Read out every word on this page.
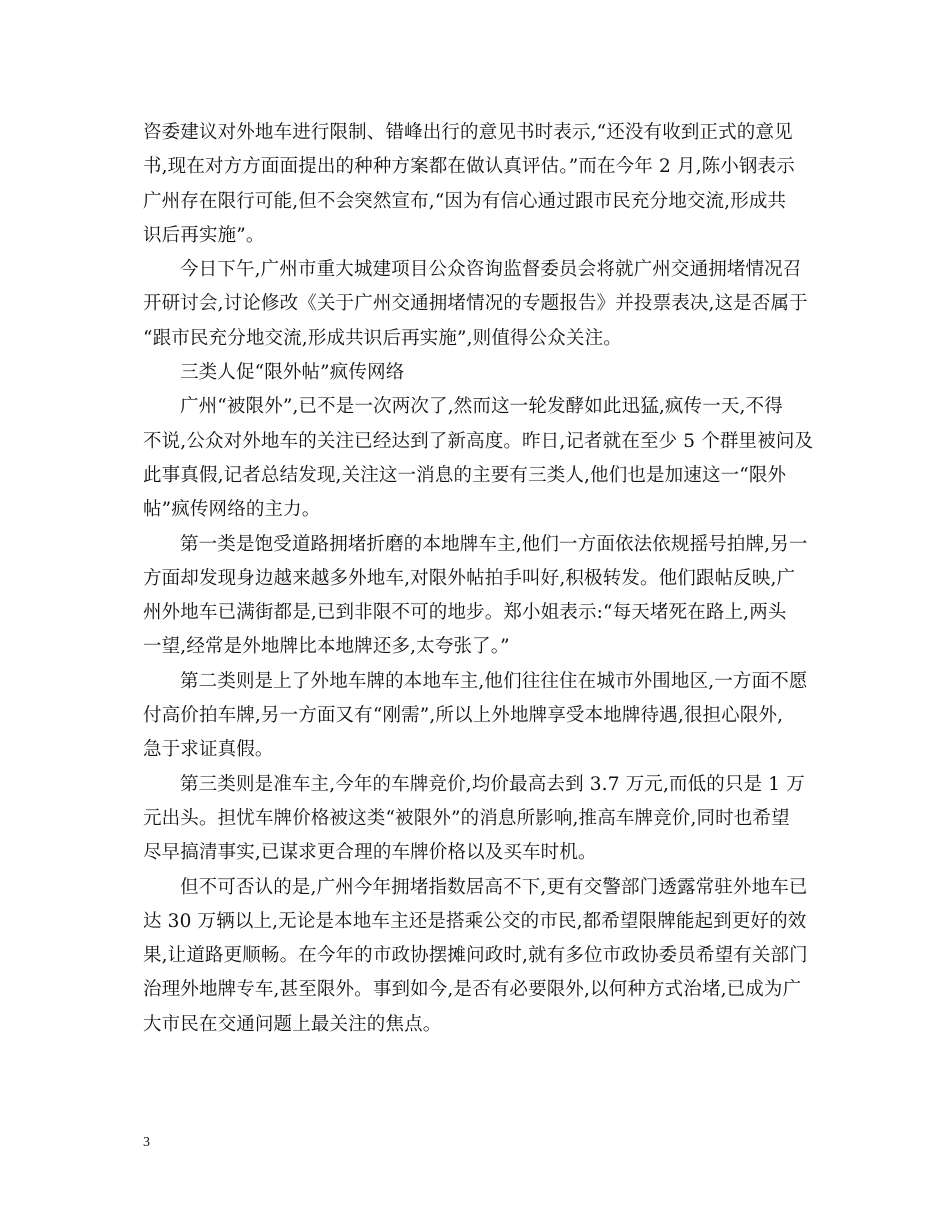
咨委建议对外地车进行限制、错峰出行的意见书时表示,“还没有收到正式的意见
书,现在对方方面面提出的种种方案都在做认真评估。”而在今年 2 月,陈小钢表示
广州存在限行可能,但不会突然宣布,“因为有信心通过跟市民充分地交流,形成共
识后再实施”。
今日下午,广州市重大城建项目公众咨询监督委员会将就广州交通拥堵情况召
开研讨会,讨论修改《关于广州交通拥堵情况的专题报告》并投票表决,这是否属于
“跟市民充分地交流,形成共识后再实施”,则值得公众关注。
三类人促“限外帖”疯传网络
广州“被限外”,已不是一次两次了,然而这一轮发酵如此迅猛,疯传一天,不得
不说,公众对外地车的关注已经达到了新高度。昨日,记者就在至少 5 个群里被问及
此事真假,记者总结发现,关注这一消息的主要有三类人,他们也是加速这一“限外
帖”疯传网络的主力。
第一类是饱受道路拥堵折磨的本地牌车主,他们一方面依法依规摇号拍牌,另一
方面却发现身边越来越多外地车,对限外帖拍手叫好,积极转发。他们跟帖反映,广
州外地车已满街都是,已到非限不可的地步。郑小姐表示:“每天堵死在路上,两头
一望,经常是外地牌比本地牌还多,太夸张了。”
第二类则是上了外地车牌的本地车主,他们往往住在城市外围地区,一方面不愿
付高价拍车牌,另一方面又有“刚需”,所以上外地牌享受本地牌待遇,很担心限外,
急于求证真假。
第三类则是准车主,今年的车牌竞价,均价最高去到 3.7 万元,而低的只是 1 万
元出头。担忧车牌价格被这类“被限外”的消息所影响,推高车牌竞价,同时也希望
尽早搞清事实,已谋求更合理的车牌价格以及买车时机。
但不可否认的是,广州今年拥堵指数居高不下,更有交警部门透露常驻外地车已
达 30 万辆以上,无论是本地车主还是搭乘公交的市民,都希望限牌能起到更好的效
果,让道路更顺畅。在今年的市政协摆摊问政时,就有多位市政协委员希望有关部门
治理外地牌专车,甚至限外。事到如今,是否有必要限外,以何种方式治堵,已成为广
大市民在交通问题上最关注的焦点。
3
